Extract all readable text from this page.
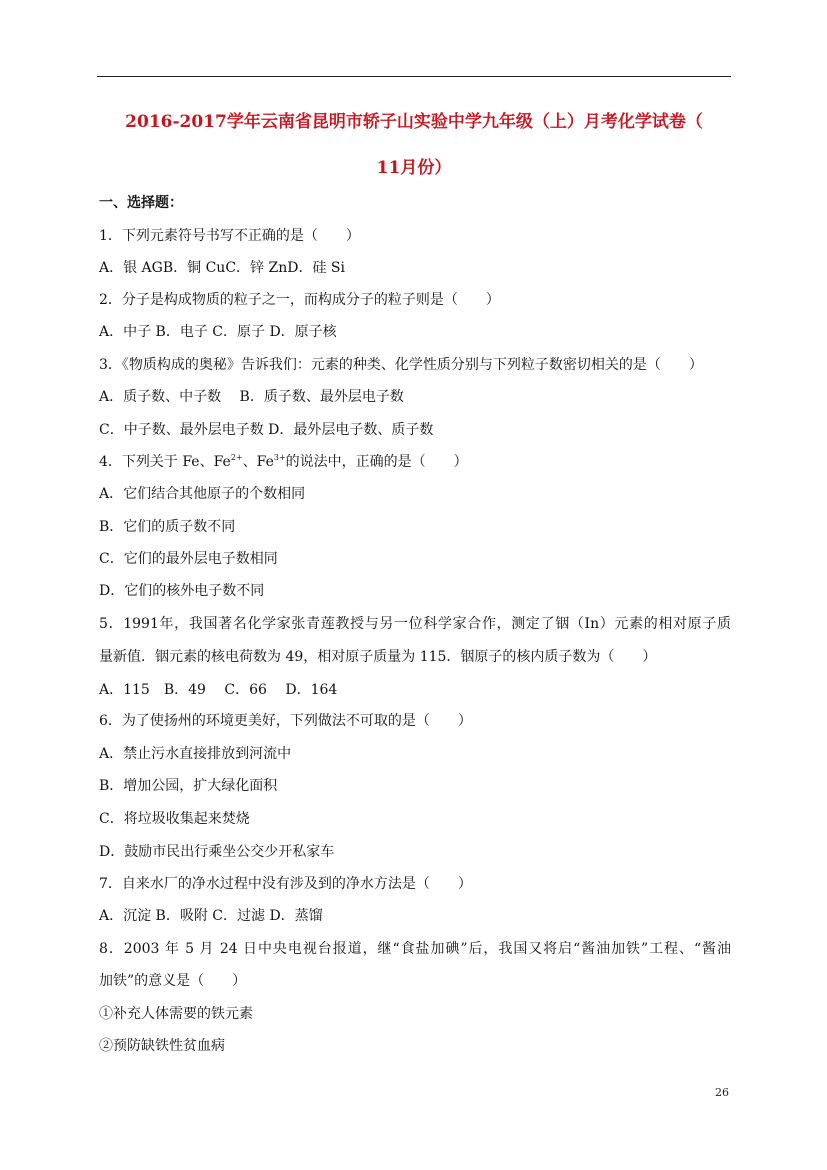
2016-2017学年云南省昆明市轿子山实验中学九年级（上）月考化学试卷（
11月份）
一、选择题：
1．下列元素符号书写不正确的是（　　）
A．银 AGB．铜 CuC．锌 ZnD．硅 Si
2．分子是构成物质的粒子之一，而构成分子的粒子则是（　　）
A．中子 B．电子 C．原子 D．原子核
3．《物质构成的奥秘》告诉我们：元素的种类、化学性质分别与下列粒子数密切相关的是（　　）
A．质子数、中子数　 B．质子数、最外层电子数
C．中子数、最外层电子数 D．最外层电子数、质子数
4．下列关于 Fe、$Fe^{2+}$、$Fe^{3+}$的说法中，正确的是（　　）
A．它们结合其他原子的个数相同
B．它们的质子数不同
C．它们的最外层电子数相同
D．它们的核外电子数不同
5．1991年，我国著名化学家张青莲教授与另一位科学家合作，测定了铟（In）元素的相对原子质
量新值．铟元素的核电荷数为 49，相对原子质量为 115．铟原子的核内质子数为（　　）
A．115　B．49　 C．66　 D．164
6．为了使扬州的环境更美好，下列做法不可取的是（　　）
A．禁止污水直接排放到河流中
B．增加公园，扩大绿化面积
C．将垃圾收集起来焚烧
D．鼓励市民出行乘坐公交少开私家车
7．自来水厂的净水过程中没有涉及到的净水方法是（　　）
A．沉淀 B．吸附 C．过滤 D．蒸馏
8．2003 年 5 月 24 日中央电视台报道，继“食盐加碘”后，我国又将启“酱油加铁”工程、“酱油
加铁”的意义是（　　）
①补充人体需要的铁元素
②预防缺铁性贫血病
26
